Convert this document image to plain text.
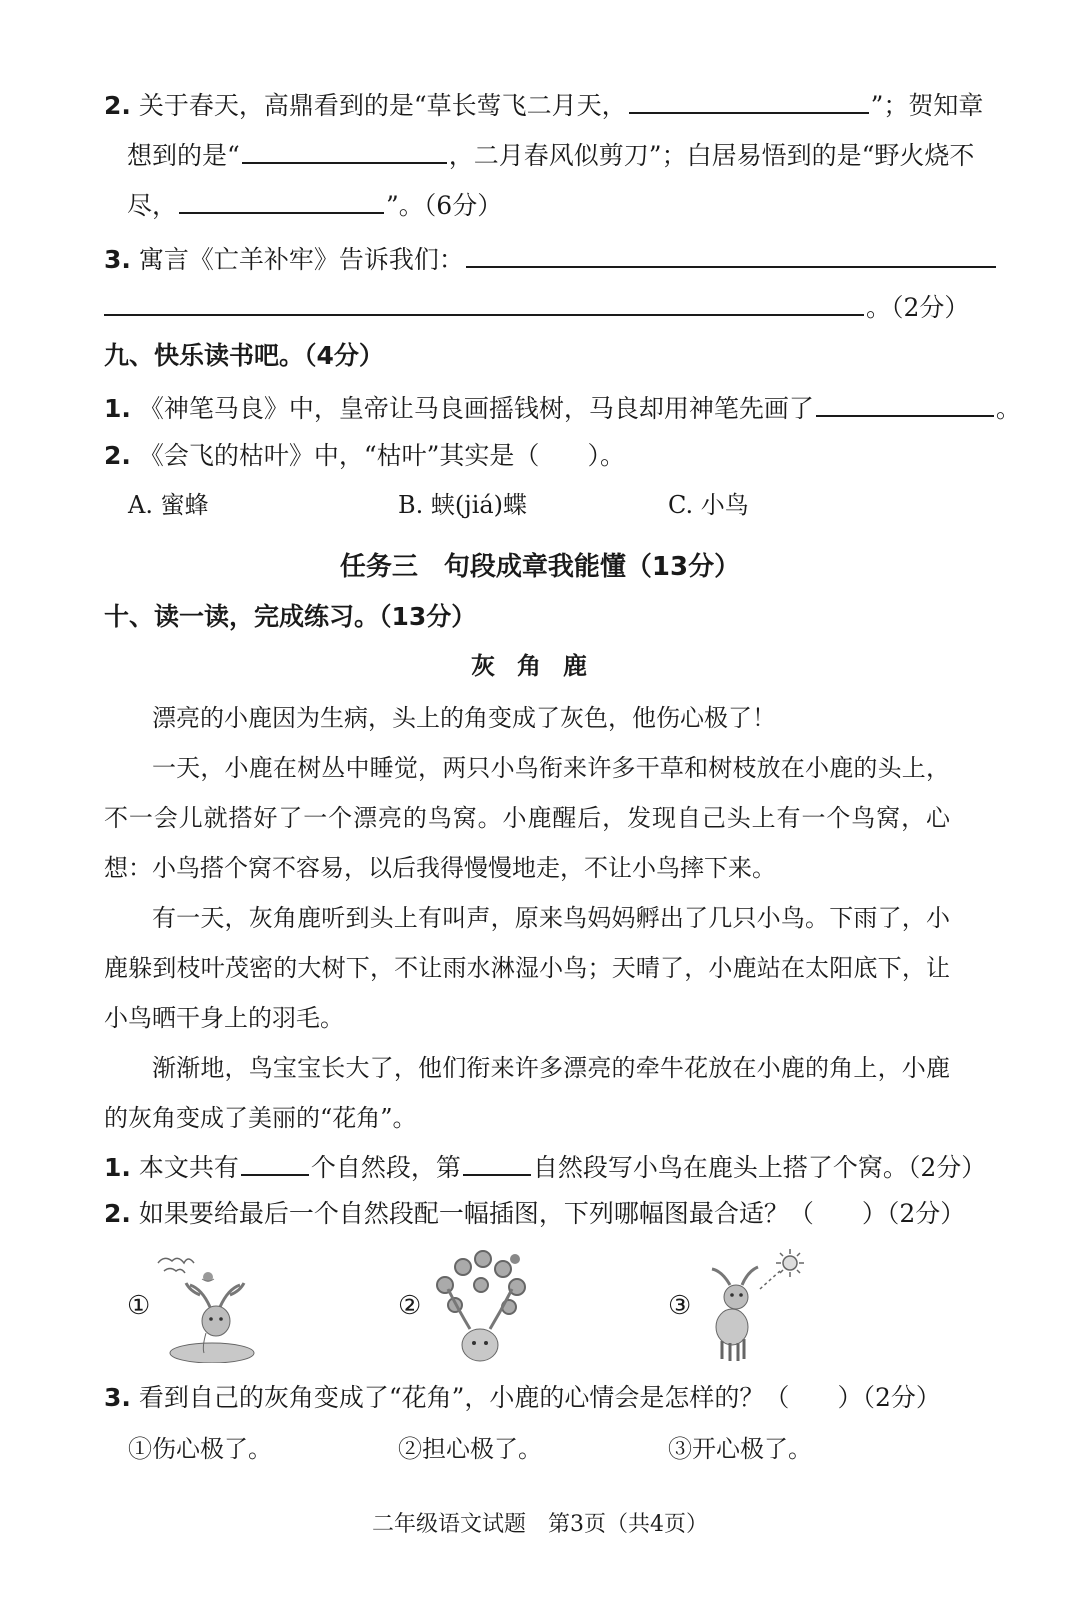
2. 关于春天，高鼎看到的是“草长莺飞二月天，	”；贺知章
想到的是“	，二月春风似剪刀”；白居易悟到的是“野火烧不
尽，	”。（6分）
3. 寓言《亡羊补牢》告诉我们：
。（2分）
九、快乐读书吧。（4分）
1. 《神笔马良》中，皇帝让马良画摇钱树，马良却用神笔先画了	。
2. 《会飞的枯叶》中，“枯叶”其实是（ ）。
A. 蜜蜂	B. 蛱(jiá)蝶	C. 小鸟
任务三　句段成章我能懂（13分）
十、读一读，完成练习。（13分）
灰角鹿

漂亮的小鹿因为生病，头上的角变成了灰色，他伤心极了！

一天，小鹿在树丛中睡觉，两只小鸟衔来许多干草和树枝放在小鹿的头上，不一会儿就搭好了一个漂亮的鸟窝。小鹿醒后，发现自己头上有一个鸟窝，心想：小鸟搭个窝不容易，以后我得慢慢地走，不让小鸟摔下来。

有一天，灰角鹿听到头上有叫声，原来鸟妈妈孵出了几只小鸟。下雨了，小鹿躲到枝叶茂密的大树下，不让雨水淋湿小鸟；天晴了，小鹿站在太阳底下，让小鸟晒干身上的羽毛。

渐渐地，鸟宝宝长大了，他们衔来许多漂亮的牵牛花放在小鹿的角上，小鹿的灰角变成了美丽的“花角”。

1. 本文共有	个自然段，第	自然段写小鸟在鹿头上搭了个窝。（2分）
2. 如果要给最后一个自然段配一幅插图，下列哪幅图最合适？（ ）（2分）
①	②	③
3. 看到自己的灰角变成了“花角”，小鹿的心情会是怎样的？（ ）（2分）
①伤心极了。	②担心极了。	③开心极了。
二年级语文试题　第3页（共4页）
